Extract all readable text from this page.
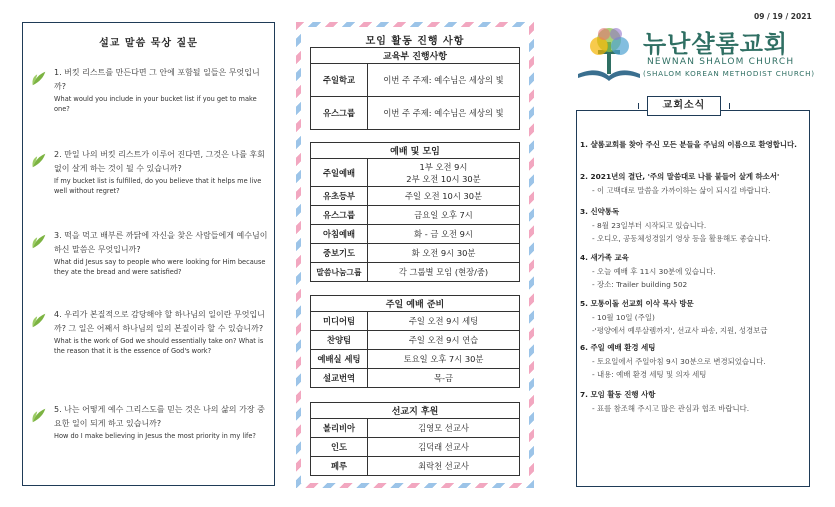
설교 말씀 묵상 질문
1. 버킷 리스트를 만든다면 그 안에 포함될 일들은 무엇입니까?
What would you include in your bucket list if you get to make one?
2. 만일 나의 버킷 리스트가 이루어 진다면, 그것은 나를 후회없이 살게 하는 것이 될 수 있습니까?
If my bucket list is fulfilled, do you believe that it helps me live well without regret?
3. 떡을 먹고 배부른 까닭에 자신을 찾은 사람들에게 예수님이 하신 말씀은 무엇입니까?
What did Jesus say to people who were looking for Him because they ate the bread and were satisfied?
4. 우리가 본질적으로 감당해야 할 하나님의 일이란 무엇입니까? 그 일은 어째서 하나님의 일의 본질이라 할 수 있습니까?
What is the work of God we should essentially take on? What is the reason that it is the essence of God's work?
5. 나는 어떻게 예수 그리스도를 믿는 것은 나의 삶의 가장 중요한 일이 되게 하고 있습니까?
How do I make believing in Jesus the most priority in my life?
모임 활동 진행 사항
교육부 진행사항	
주일학교	이번 주 주제: 예수님은 세상의 빛
유스그룹	이번 주 주제: 예수님은 세상의 빛
예배 및 모임	
주일예배	1부 오전 9시
2부 오전 10시 30분

유초등부	주일 오전 10시 30분
유스그룹	금요일 오후 7시
아침예배	화 - 금 오전 9시
중보기도	화 오전 9시 30분
말씀나눔그룹	각 그룹별 모임 (현장/줌)
주일 예배 준비	
미디어팀	주일 오전 9시 세팅
찬양팀	주일 오전 9시 연습
예배실 세팅	토요일 오후 7시 30분
설교번역	목-금
선교지 후원	
볼리비아	김영모 선교사
인도	김덕래 선교사
페루	최락천 선교사
09 / 19 / 2021
뉴난샬롬교회
NEWNAN SHALOM CHURCH
(SHALOM KOREAN METHODIST CHURCH)
교회소식
1. 샬롬교회를 찾아 주신 모든 분들을 주님의 이름으로 환영합니다.
2. 2021년의 결단, '주의 말씀대로 나를 붙들어 살게 하소서'
- 이 고백대로 말씀을 가까이하는 삶이 되시길 바랍니다.
3. 신약통독
- 8월 23일부터 시작되고 있습니다.
- 오디오, 공동체성경읽기 영상 등을 활용해도 좋습니다.
4. 새가족 교육
- 오늘 예배 후 11시 30분에 있습니다.
- 장소: Trailer building 502
5. 모통이돌 선교회 이삭 목사 방문
- 10월 10일 (주일)
-'평양에서 예루살렘까지', 선교사 파송, 지원, 성경보급
6. 주일 예배 환경 세팅
- 토요일에서 주일아침 9시 30분으로 변경되었습니다.
- 내용: 예배 환경 세팅 및 의자 세팅
7. 모임 활동 진행 사항
- 표를 참조해 주시고 많은 관심과 협조 바랍니다.
